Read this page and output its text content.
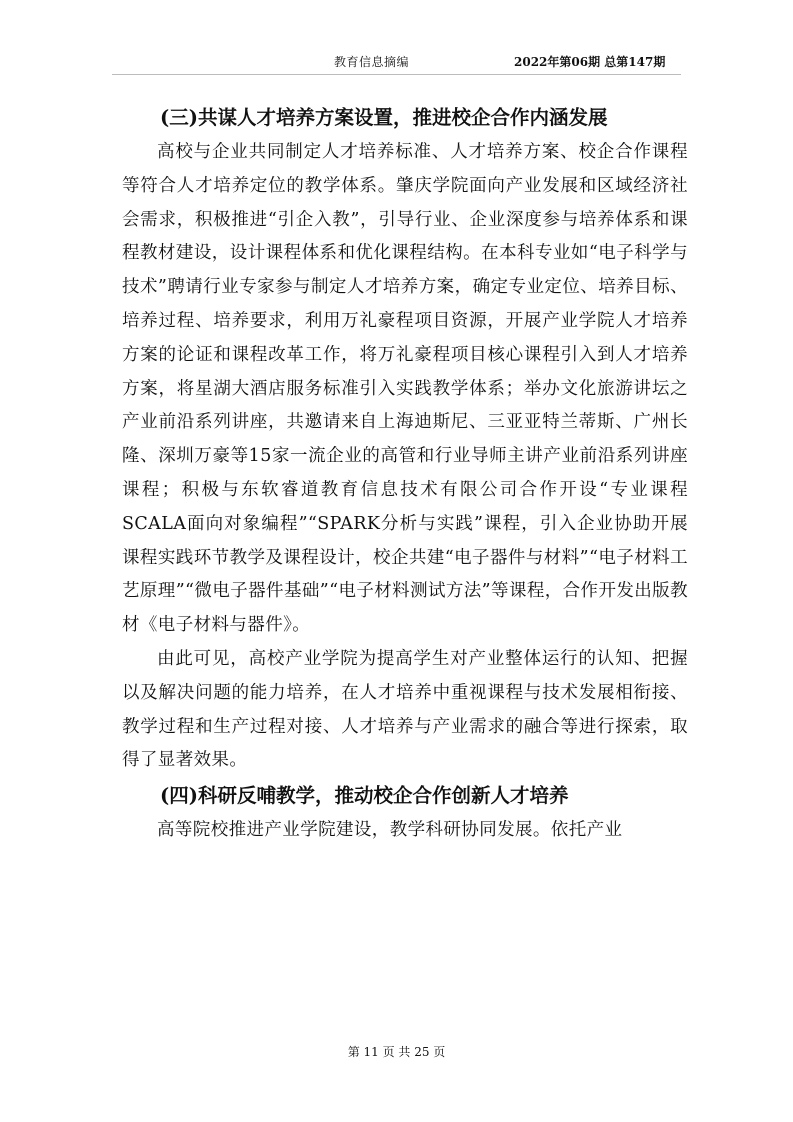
教育信息摘编	2022年第06期 总第147期
(三)共谋人才培养方案设置，推进校企合作内涵发展

高校与企业共同制定人才培养标准、人才培养方案、校企合作课程等符合人才培养定位的教学体系。肇庆学院面向产业发展和区域经济社会需求，积极推进“引企入教”，引导行业、企业深度参与培养体系和课程教材建设，设计课程体系和优化课程结构。在本科专业如“电子科学与技术”聘请行业专家参与制定人才培养方案，确定专业定位、培养目标、培养过程、培养要求，利用万礼豪程项目资源，开展产业学院人才培养方案的论证和课程改革工作，将万礼豪程项目核心课程引入到人才培养方案，将星湖大酒店服务标准引入实践教学体系；举办文化旅游讲坛之产业前沿系列讲座，共邀请来自上海迪斯尼、三亚亚特兰蒂斯、广州长隆、深圳万豪等15家一流企业的高管和行业导师主讲产业前沿系列讲座课程；积极与东软睿道教育信息技术有限公司合作开设“专业课程SCALA面向对象编程”“SPARK分析与实践”课程，引入企业协助开展课程实践环节教学及课程设计，校企共建“电子器件与材料”“电子材料工艺原理”“微电子器件基础”“电子材料测试方法”等课程，合作开发出版教材《电子材料与器件》。

由此可见，高校产业学院为提高学生对产业整体运行的认知、把握以及解决问题的能力培养，在人才培养中重视课程与技术发展相衔接、教学过程和生产过程对接、人才培养与产业需求的融合等进行探索，取得了显著效果。

(四)科研反哺教学，推动校企合作创新人才培养

高等院校推进产业学院建设，教学科研协同发展。依托产业

第 11 页 共 25 页
